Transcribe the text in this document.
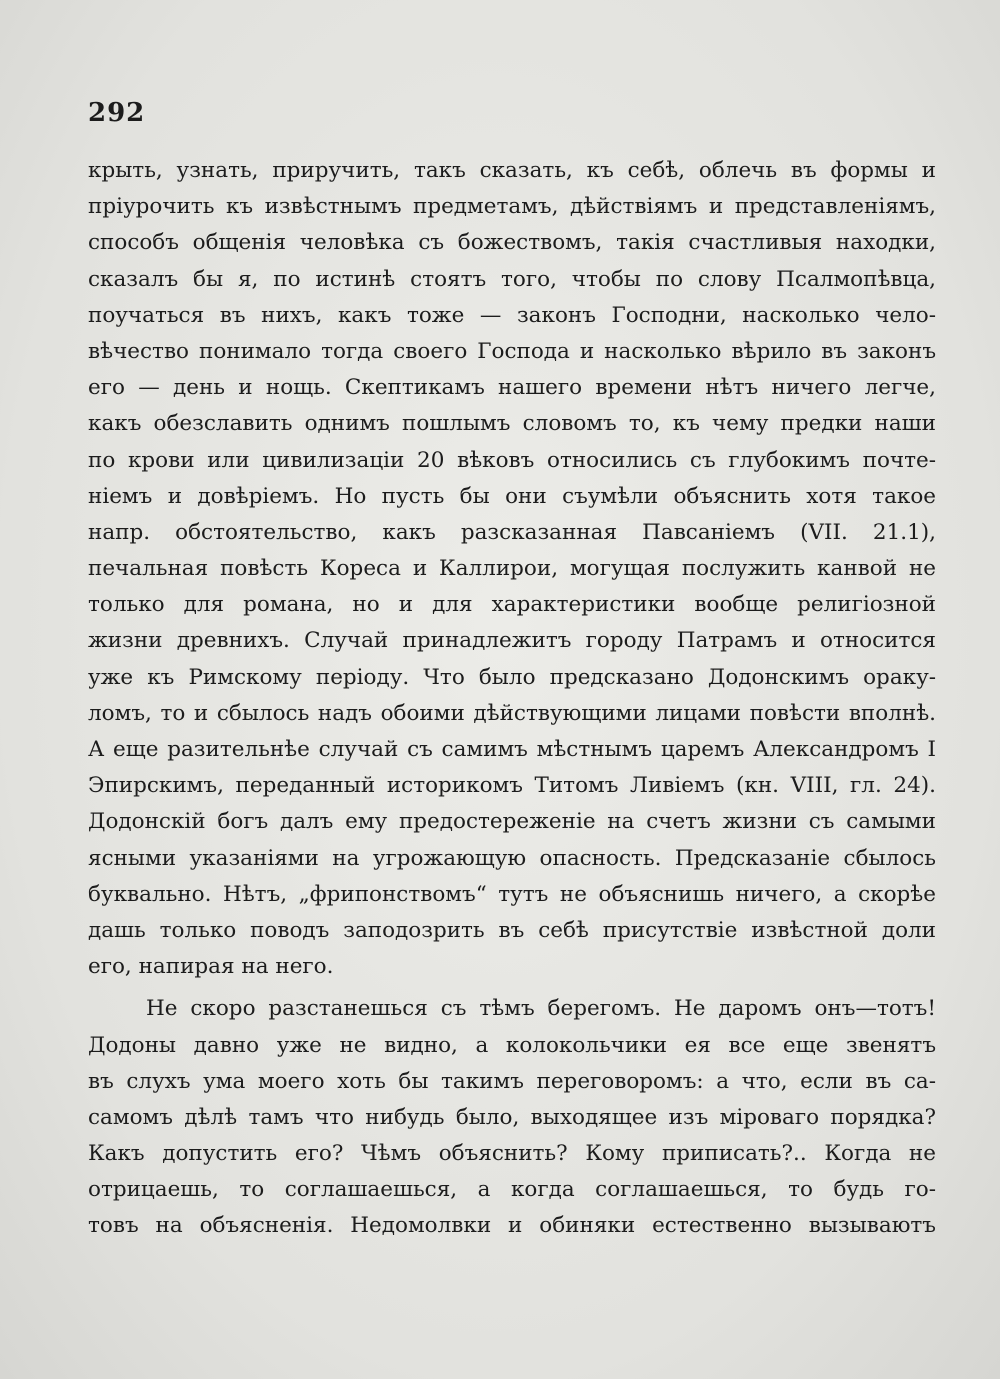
292
крыть, узнать, приручить, такъ сказать, къ себѣ, облечь въ формы и
пріурочить къ извѣстнымъ предметамъ, дѣйствіямъ и представленіямъ,
способъ общенія человѣка съ божествомъ, такія счастливыя находки,
сказалъ бы я, по истинѣ стоятъ того, чтобы по слову Псалмопѣвца,
поучаться въ нихъ, какъ тоже — законъ Господни, насколько чело-
вѣчество понимало тогда своего Господа и насколько вѣрило въ законъ
его — день и нощь. Скептикамъ нашего времени нѣтъ ничего легче,
какъ обезславить однимъ пошлымъ словомъ то, къ чему предки наши
по крови или цивилизаціи 20 вѣковъ относились съ глубокимъ почте-
ніемъ и довѣріемъ. Но пусть бы они съумѣли объяснить хотя такое
напр. обстоятельство, какъ разсказанная Павсаніемъ (VII. 21.1),
печальная повѣсть Кореса и Каллирои, могущая послужить канвой не
только для романа, но и для характеристики вообще религіозной
жизни древнихъ. Случай принадлежитъ городу Патрамъ и относится
уже къ Римскому періоду. Что было предсказано Додонскимъ ораку-
ломъ, то и сбылось надъ обоими дѣйствующими лицами повѣсти вполнѣ.
А еще разительнѣе случай съ самимъ мѣстнымъ царемъ Александромъ I
Эпирскимъ, переданный историкомъ Титомъ Ливіемъ (кн. VIII, гл. 24).
Додонскій богъ далъ ему предостереженіе на счетъ жизни съ самыми
ясными указаніями на угрожающую опасность. Предсказаніе сбылось
буквально. Нѣтъ, „фрипонствомъ“ тутъ не объяснишь ничего, а скорѣе
дашь только поводъ заподозрить въ себѣ присутствіе извѣстной доли
его, напирая на него.
Не скоро разстанешься съ тѣмъ берегомъ. Не даромъ онъ—тотъ!
Додоны давно уже не видно, а колокольчики ея все еще звенятъ
въ слухъ ума моего хоть бы такимъ переговоромъ: а что, если въ са-
самомъ дѣлѣ тамъ что нибудь было, выходящее изъ міроваго порядка?
Какъ допустить его? Чѣмъ объяснить? Кому приписать?.. Когда не
отрицаешь, то соглашаешься, а когда соглашаешься, то будь го-
товъ на объясненія. Недомолвки и обиняки естественно вызываютъ
